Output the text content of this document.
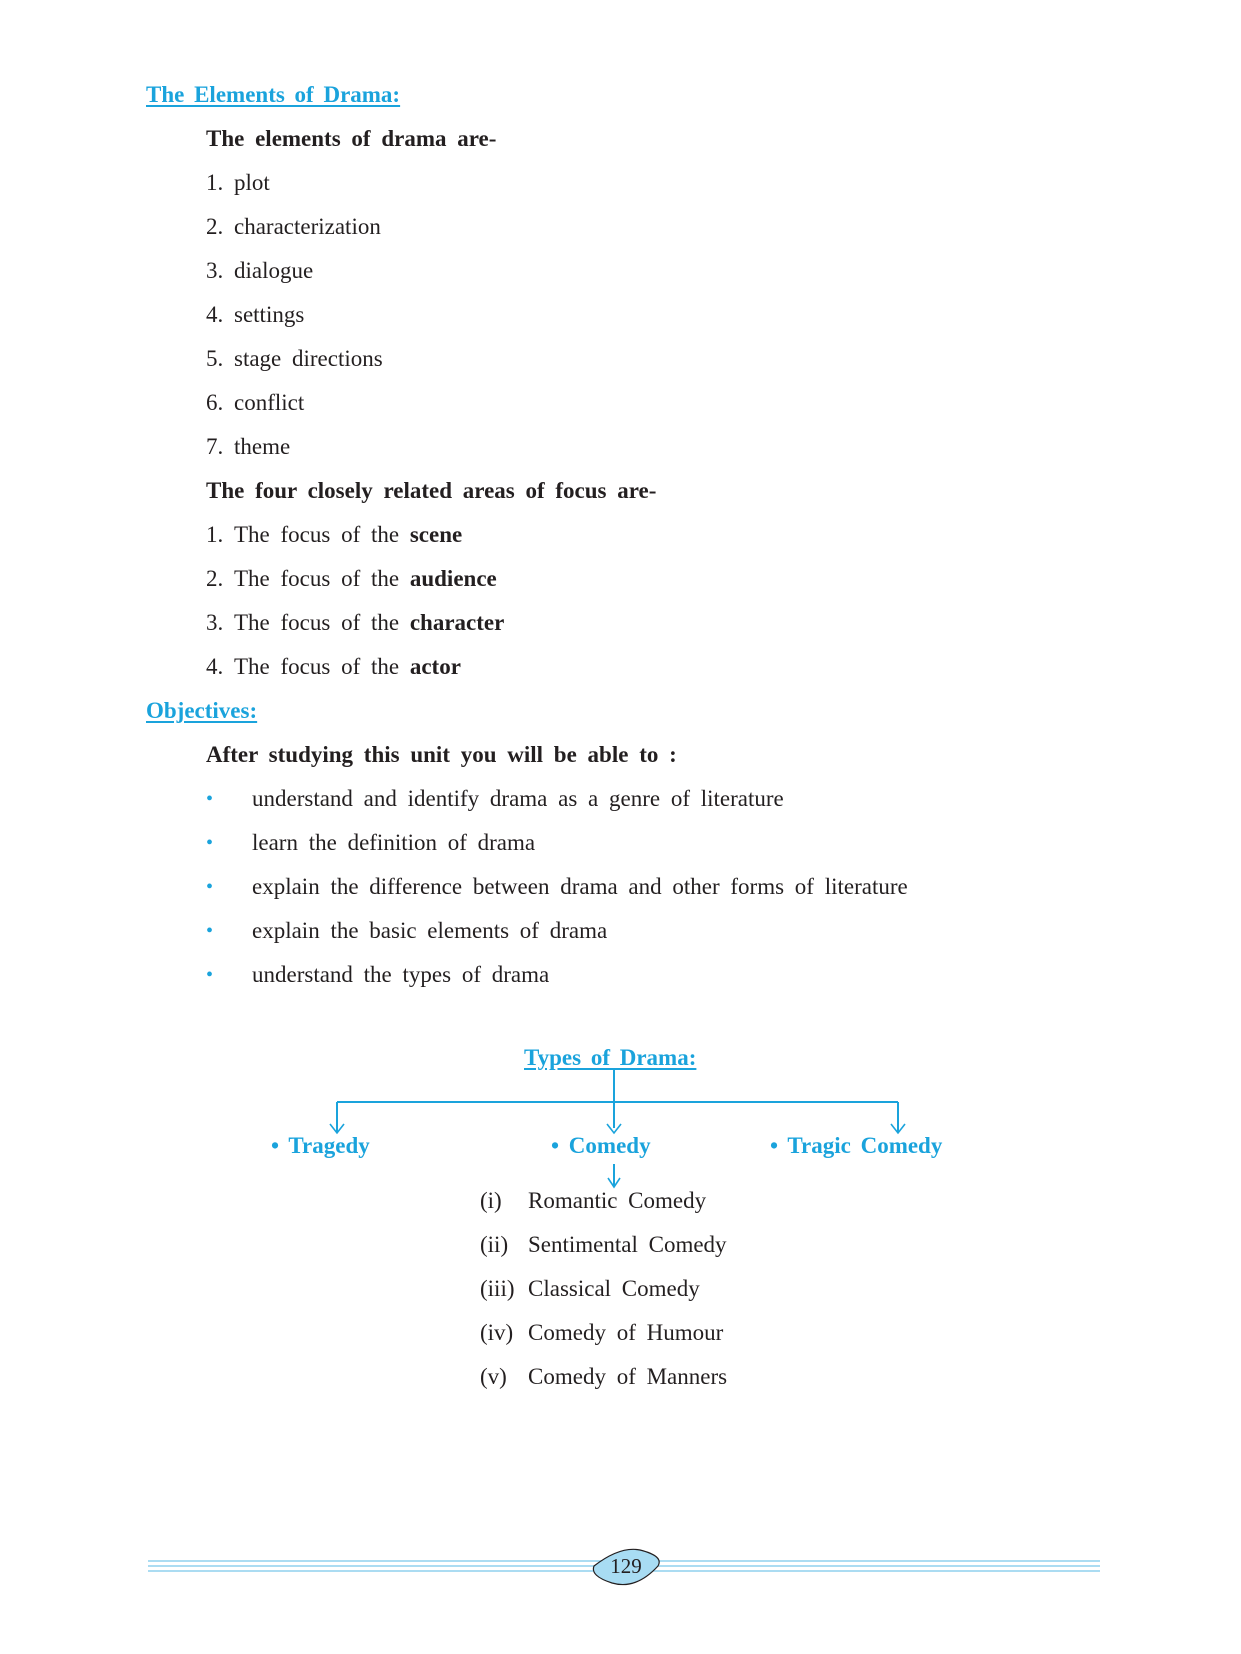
The Elements of Drama:
The elements of drama are-
1. plot
2. characterization
3. dialogue
4. settings
5. stage directions
6. conflict
7. theme
The four closely related areas of focus are-
1. The focus of the scene
2. The focus of the audience
3. The focus of the character
4. The focus of the actor
Objectives:
After studying this unit you will be able to :
• understand and identify drama as a genre of literature
• learn the definition of drama
• explain the difference between drama and other forms of literature
• explain the basic elements of drama
• understand the types of drama
Types of Drama:
• Tragedy	• Comedy	• Tragic Comedy
(i) Romantic Comedy
(ii) Sentimental Comedy
(iii) Classical Comedy
(iv) Comedy of Humour
(v) Comedy of Manners
129
